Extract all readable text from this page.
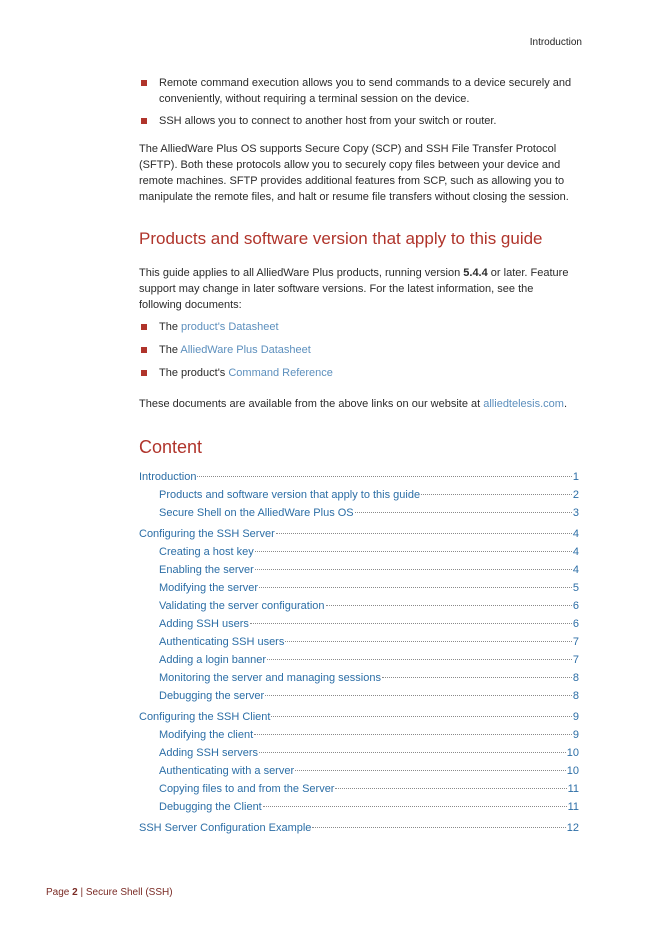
Introduction
Remote command execution allows you to send commands to a device securely and conveniently, without requiring a terminal session on the device.
SSH allows you to connect to another host from your switch or router.

The AlliedWare Plus OS supports Secure Copy (SCP) and SSH File Transfer Protocol (SFTP). Both these protocols allow you to securely copy files between your device and remote machines. SFTP provides additional features from SCP, such as allowing you to manipulate the remote files, and halt or resume file transfers without closing the session.

Products and software version that apply to this guide

This guide applies to all AlliedWare Plus products, running version 5.4.4 or later. Feature support may change in later software versions. For the latest information, see the following documents:

The product's Datasheet
The AlliedWare Plus Datasheet
The product's Command Reference

These documents are available from the above links on our website at alliedtelesis.com.

Content
Introduction	1
Products and software version that apply to this guide	2
Secure Shell on the AlliedWare Plus OS	3
Configuring the SSH Server	4
Creating a host key	4
Enabling the server	4
Modifying the server	5
Validating the server configuration	6
Adding SSH users	6
Authenticating SSH users	7
Adding a login banner	7
Monitoring the server and managing sessions	8
Debugging the server	8
Configuring the SSH Client	9
Modifying the client	9
Adding SSH servers	10
Authenticating with a server	10
Copying files to and from the Server	11
Debugging the Client	11
SSH Server Configuration Example	12
Page 2 | Secure Shell (SSH)
